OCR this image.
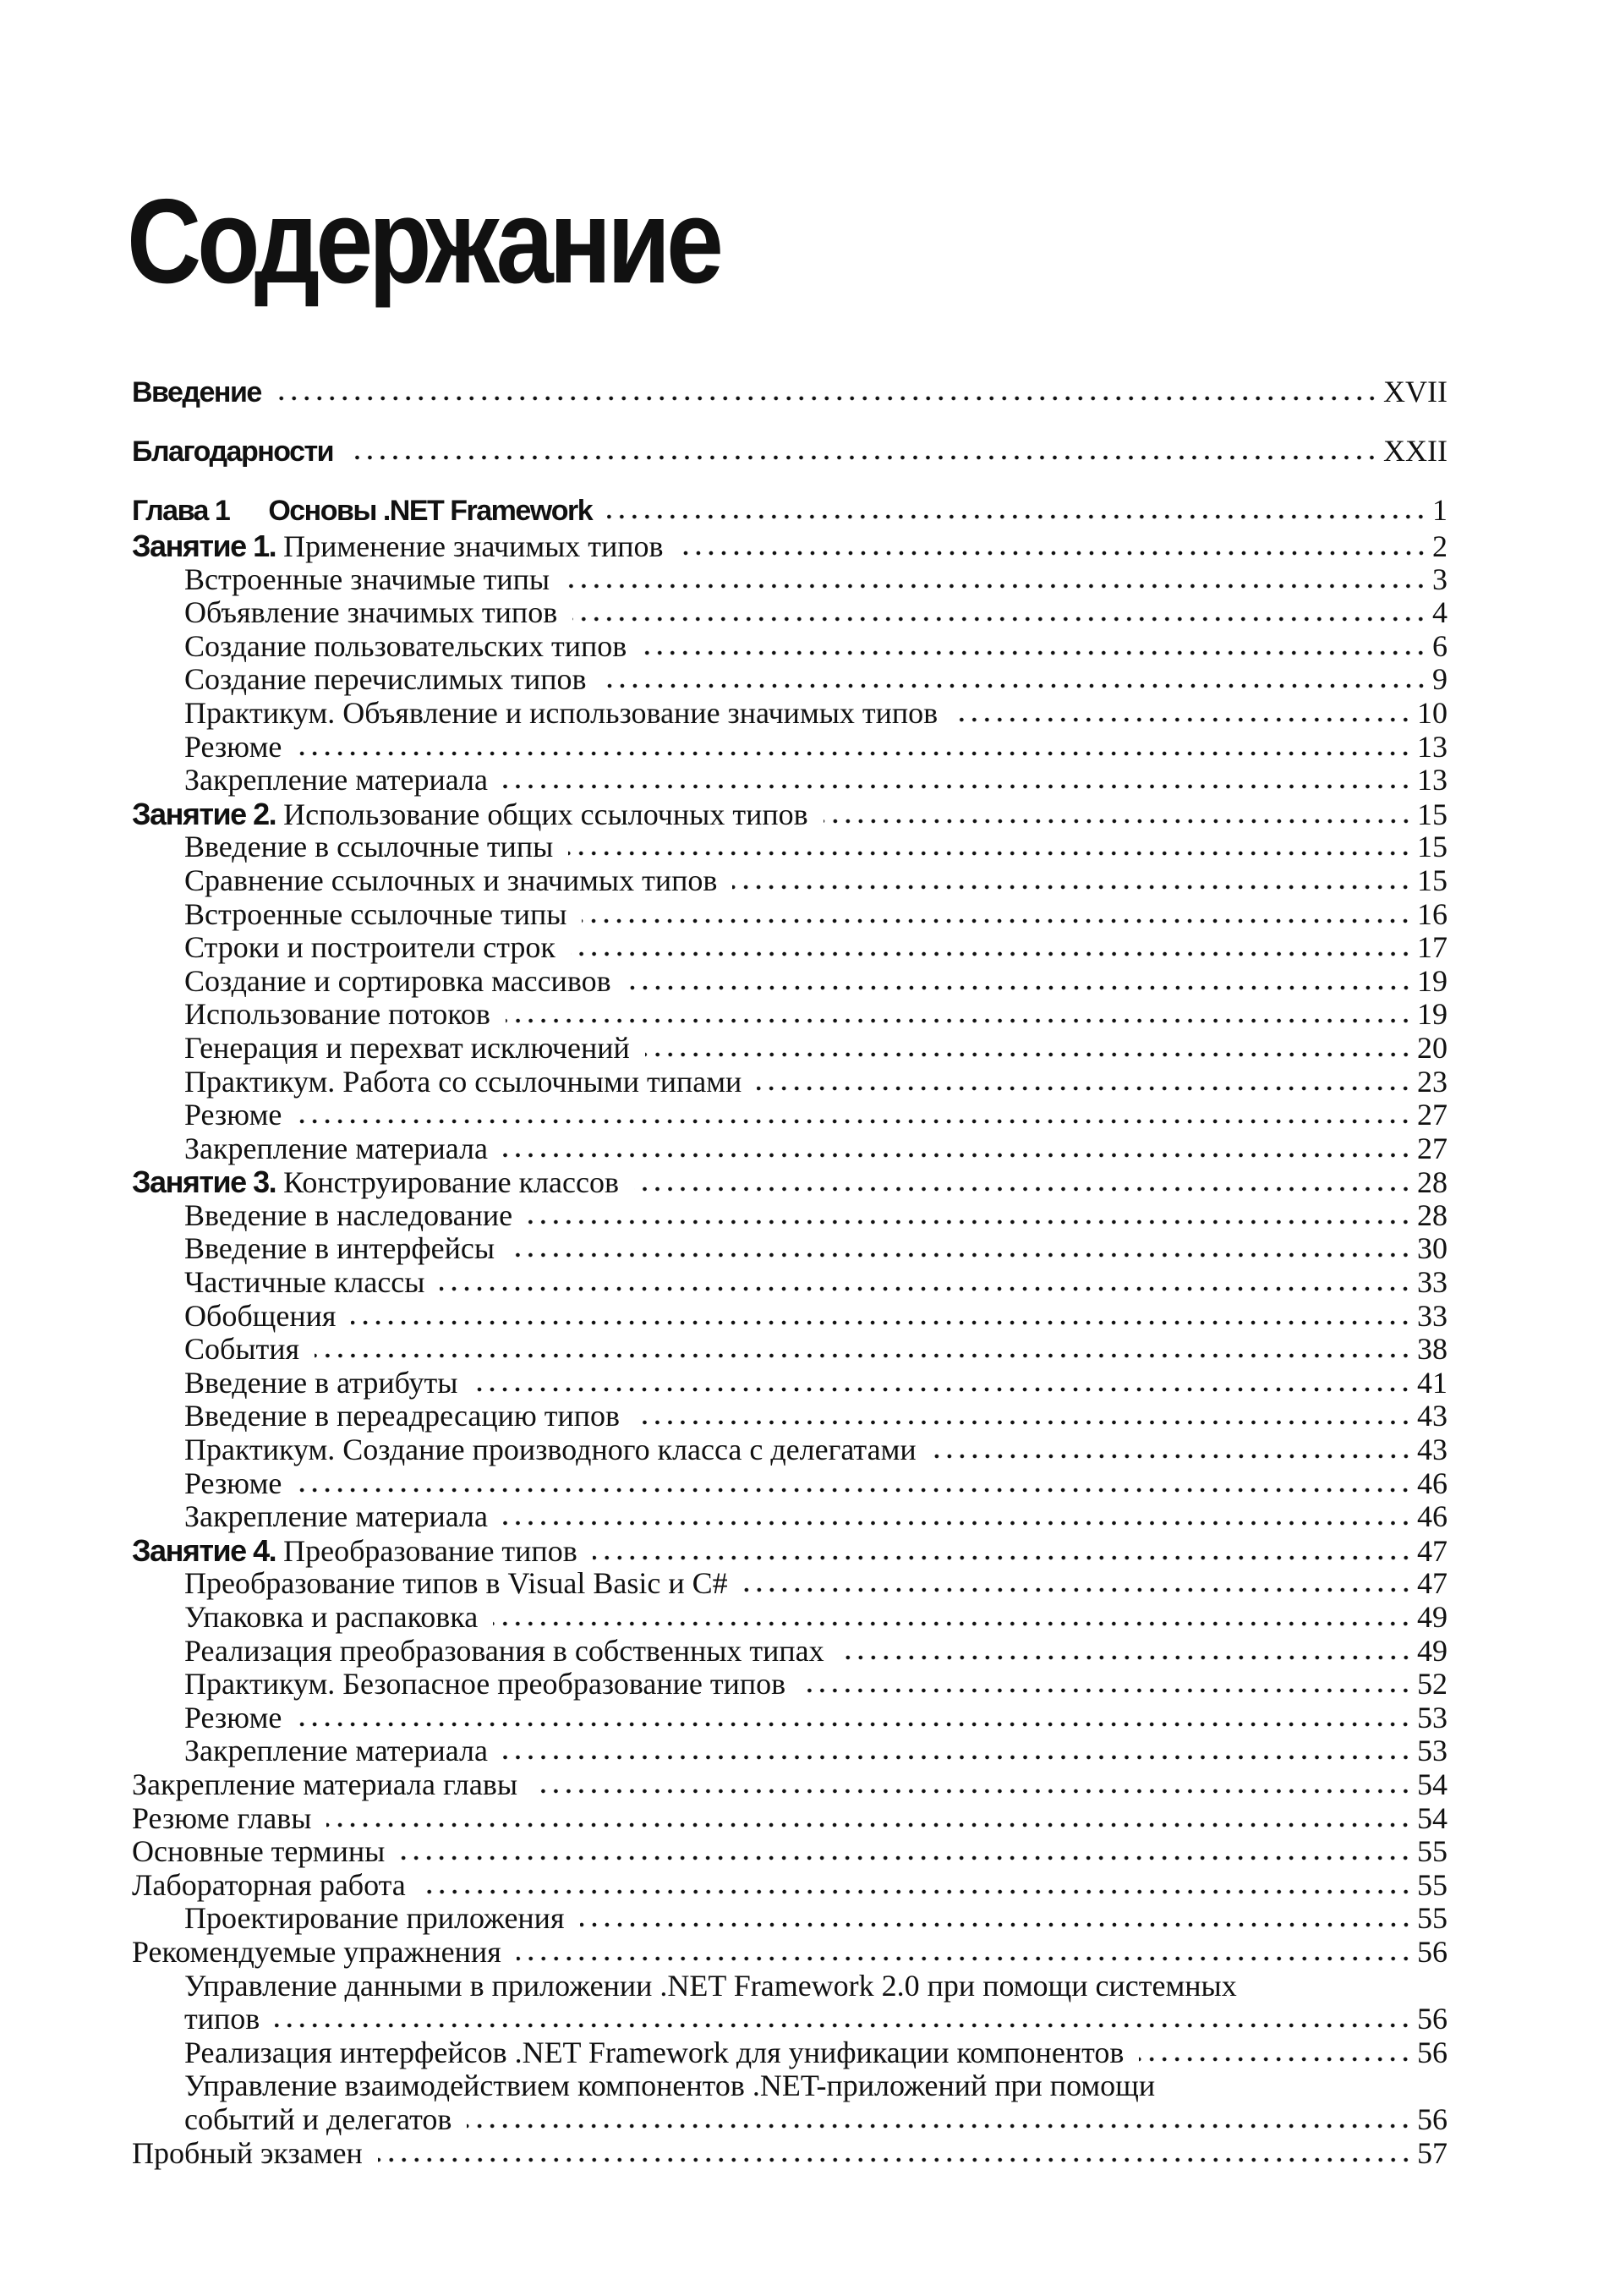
Содержание
Введение	XVII
Благодарности	XXII
Глава 1 Основы .NET Framework	1
Занятие 1. Применение значимых типов	2
Встроенные значимые типы	3
Объявление значимых типов	4
Создание пользовательских типов	6
Создание перечислимых типов	9
Практикум. Объявление и использование значимых типов	10
Резюме	13
Закрепление материала	13
Занятие 2. Использование общих ссылочных типов	15
Введение в ссылочные типы	15
Сравнение ссылочных и значимых типов	15
Встроенные ссылочные типы	16
Строки и построители строк	17
Создание и сортировка массивов	19
Использование потоков	19
Генерация и перехват исключений	20
Практикум. Работа со ссылочными типами	23
Резюме	27
Закрепление материала	27
Занятие 3. Конструирование классов	28
Введение в наследование	28
Введение в интерфейсы	30
Частичные классы	33
Обобщения	33
События	38
Введение в атрибуты	41
Введение в переадресацию типов	43
Практикум. Создание производного класса с делегатами	43
Резюме	46
Закрепление материала	46
Занятие 4. Преобразование типов	47
Преобразование типов в Visual Basic и C#	47
Упаковка и распаковка	49
Реализация преобразования в собственных типах	49
Практикум. Безопасное преобразование типов	52
Резюме	53
Закрепление материала	53
Закрепление материала главы	54
Резюме главы	54
Основные термины	55
Лабораторная работа	55
Проектирование приложения	55
Рекомендуемые упражнения	56
Управление данными в приложении .NET Framework 2.0 при помощи системных
типов	56
Реализация интерфейсов .NET Framework для унификации компонентов	56
Управление взаимодействием компонентов .NET-приложений при помощи
событий и делегатов	56
Пробный экзамен	57
